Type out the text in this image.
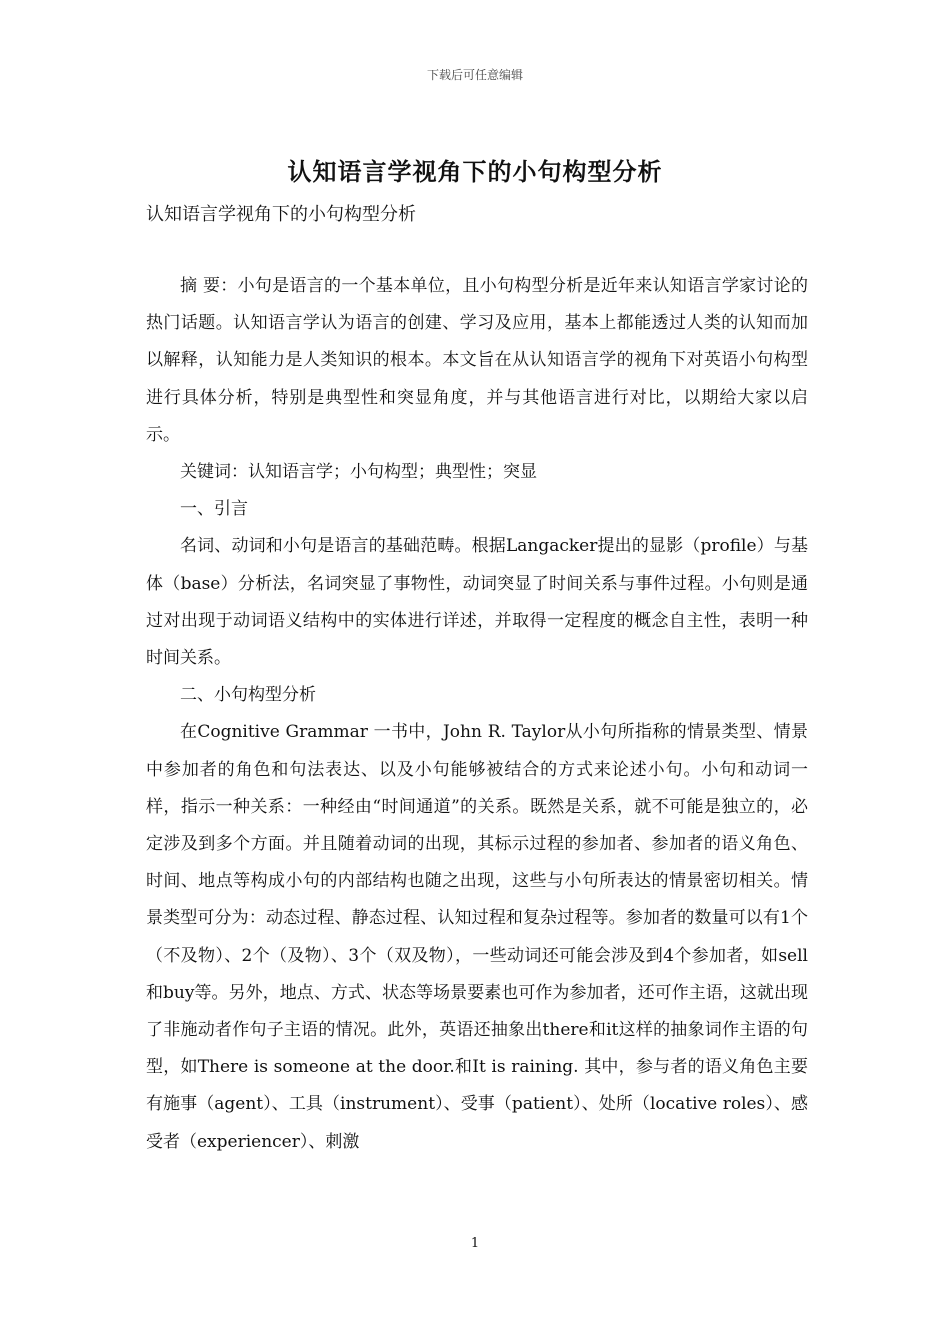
下载后可任意编辑
认知语言学视角下的小句构型分析
认知语言学视角下的小句构型分析

摘 要：小句是语言的一个基本单位，且小句构型分析是近年来认知语言学家讨论的热门话题。认知语言学认为语言的创建、学习及应用，基本上都能透过人类的认知而加以解释，认知能力是人类知识的根本。本文旨在从认知语言学的视角下对英语小句构型进行具体分析，特别是典型性和突显角度，并与其他语言进行对比，以期给大家以启示。

关键词：认知语言学；小句构型；典型性；突显

一、引言

名词、动词和小句是语言的基础范畴。根据Langacker提出的显影（profile）与基体（base）分析法，名词突显了事物性，动词突显了时间关系与事件过程。小句则是通过对出现于动词语义结构中的实体进行详述，并取得一定程度的概念自主性，表明一种时间关系。

二、小句构型分析

在Cognitive Grammar 一书中，John R. Taylor从小句所指称的情景类型、情景中参加者的角色和句法表达、以及小句能够被结合的方式来论述小句。小句和动词一样，指示一种关系：一种经由“时间通道”的关系。既然是关系，就不可能是独立的，必定涉及到多个方面。并且随着动词的出现，其标示过程的参加者、参加者的语义角色、时间、地点等构成小句的内部结构也随之出现，这些与小句所表达的情景密切相关。情景类型可分为：动态过程、静态过程、认知过程和复杂过程等。参加者的数量可以有1个（不及物）、2个（及物）、3个（双及物），一些动词还可能会涉及到4个参加者，如sell 和buy等。另外，地点、方式、状态等场景要素也可作为参加者，还可作主语，这就出现了非施动者作句子主语的情况。此外，英语还抽象出there和it这样的抽象词作主语的句型，如There is someone at the door.和It is raining. 其中，参与者的语义角色主要有施事（agent）、工具（instrument）、受事（patient）、处所（locative roles）、感受者（experiencer）、刺激

1
